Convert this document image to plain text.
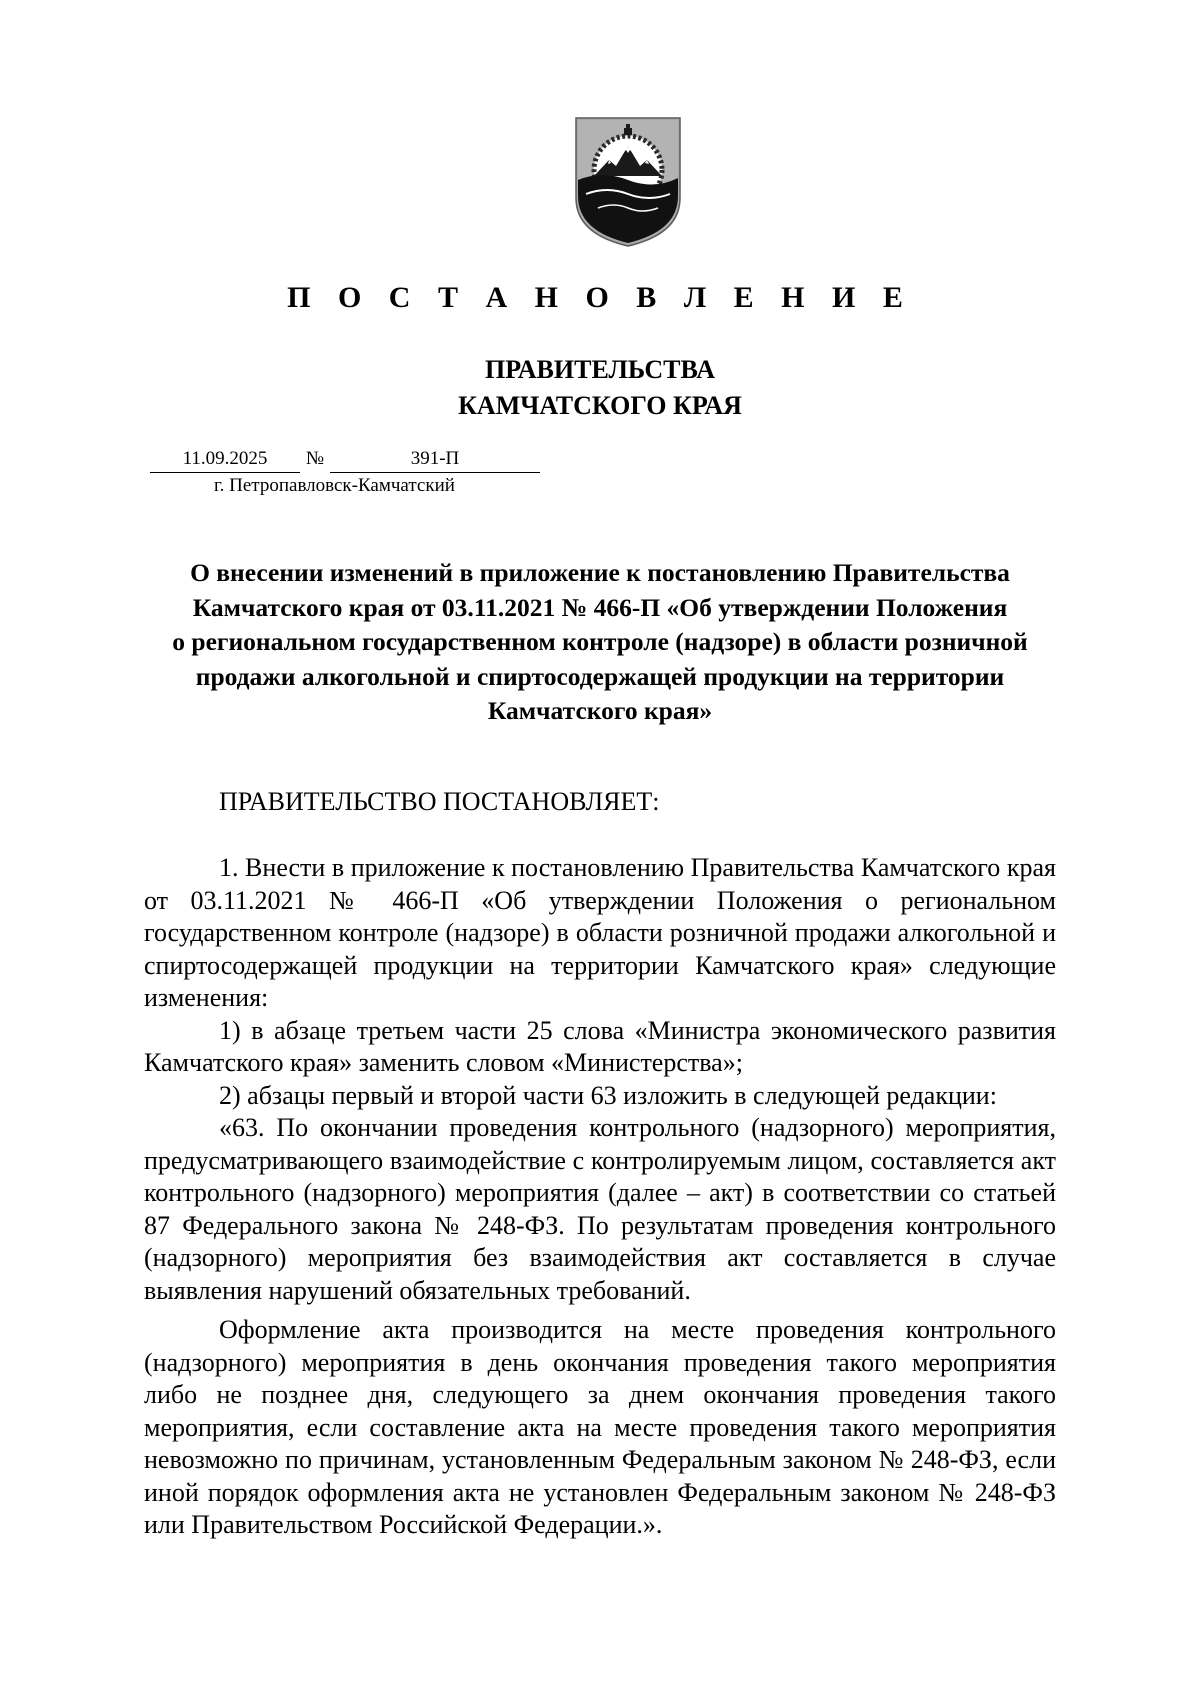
П О С Т А Н О В Л Е Н И Е
ПРАВИТЕЛЬСТВА
КАМЧАТСКОГО КРАЯ
11.09.2025 №	391-П
г. Петропавловск-Камчатский
О внесении изменений в приложение к постановлению Правительства
Камчатского края от 03.11.2021 № 466-П «Об утверждении Положения
о региональном государственном контроле (надзоре) в области розничной
продажи алкогольной и спиртосодержащей продукции на территории
Камчатского края»
ПРАВИТЕЛЬСТВО ПОСТАНОВЛЯЕТ:

1. Внести в приложение к постановлению Правительства Камчатского края от 03.11.2021 № 466-П «Об утверждении Положения о региональном государственном контроле (надзоре) в области розничной продажи алкогольной и спиртосодержащей продукции на территории Камчатского края» следующие изменения:

1) в абзаце третьем части 25 слова «Министра экономического развития Камчатского края» заменить словом «Министерства»;

2) абзацы первый и второй части 63 изложить в следующей редакции:

«63. По окончании проведения контрольного (надзорного) мероприятия, предусматривающего взаимодействие с контролируемым лицом, составляется акт контрольного (надзорного) мероприятия (далее – акт) в соответствии со статьей 87 Федерального закона № 248-ФЗ. По результатам проведения контрольного (надзорного) мероприятия без взаимодействия акт составляется в случае выявления нарушений обязательных требований.

Оформление акта производится на месте проведения контрольного (надзорного) мероприятия в день окончания проведения такого мероприятия либо не позднее дня, следующего за днем окончания проведения такого мероприятия, если составление акта на месте проведения такого мероприятия невозможно по причинам, установленным Федеральным законом № 248-ФЗ, если иной порядок оформления акта не установлен Федеральным законом № 248-ФЗ или Правительством Российской Федерации.».
